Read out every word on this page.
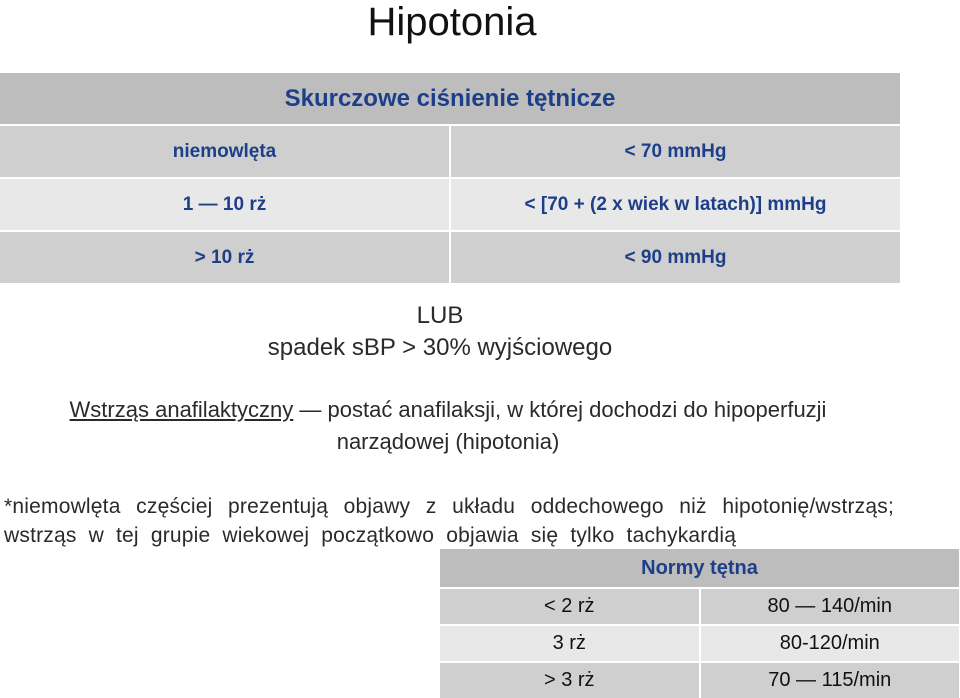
Hipotonia
Skurczowe ciśnienie tętnicze	
niemowlęta	< 70 mmHg
1 — 10 rż	< [70 + (2 x wiek w latach)] mmHg
> 10 rż	< 90 mmHg
LUB
spadek sBP > 30% wyjściowego
Wstrząs anafilaktyczny — postać anafilaksji, w której dochodzi do hipoperfuzji narządowej (hipotonia)
*niemowlęta częściej prezentują objawy z układu oddechowego niż hipotonię/wstrząs; wstrząs w tej grupie wiekowej początkowo objawia się tylko tachykardią
Normy tętna	
< 2 rż	80 — 140/min
3 rż	80-120/min
> 3 rż	70 — 115/min
